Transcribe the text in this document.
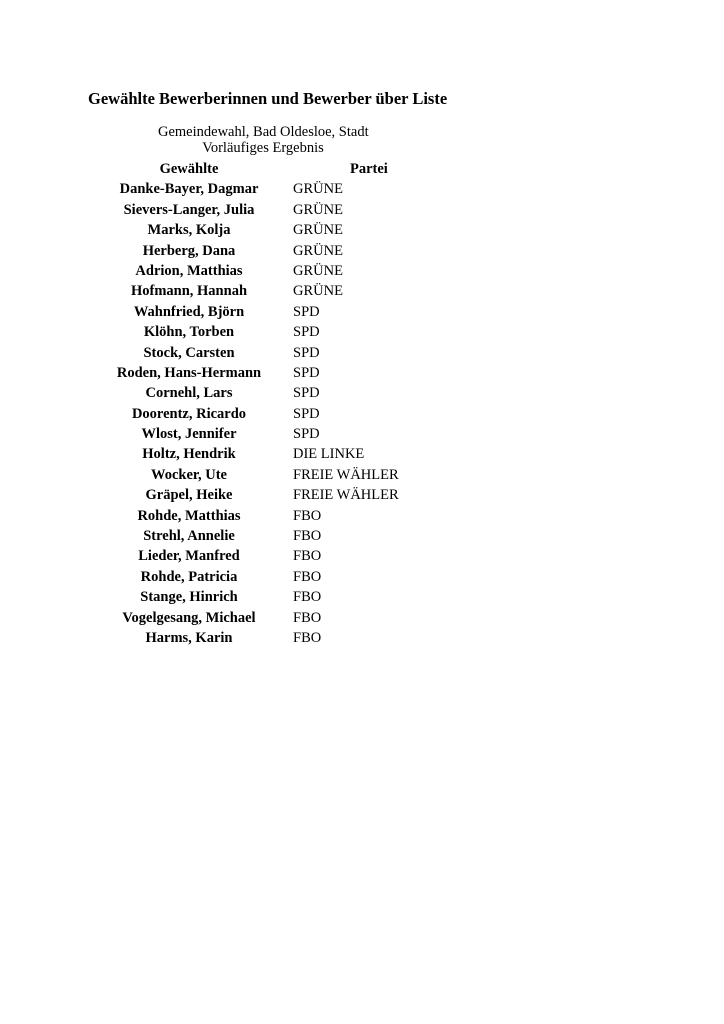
Gewählte Bewerberinnen und Bewerber über Liste
Gemeindewahl, Bad Oldesloe, Stadt
Vorläufiges Ergebnis
Gewählte	Partei
Danke-Bayer, Dagmar	GRÜNE
Sievers-Langer, Julia	GRÜNE
Marks, Kolja	GRÜNE
Herberg, Dana	GRÜNE
Adrion, Matthias	GRÜNE
Hofmann, Hannah	GRÜNE
Wahnfried, Björn	SPD
Klöhn, Torben	SPD
Stock, Carsten	SPD
Roden, Hans-Hermann	SPD
Cornehl, Lars	SPD
Doorentz, Ricardo	SPD
Wlost, Jennifer	SPD
Holtz, Hendrik	DIE LINKE
Wocker, Ute	FREIE WÄHLER
Gräpel, Heike	FREIE WÄHLER
Rohde, Matthias	FBO
Strehl, Annelie	FBO
Lieder, Manfred	FBO
Rohde, Patricia	FBO
Stange, Hinrich	FBO
Vogelgesang, Michael	FBO
Harms, Karin	FBO
